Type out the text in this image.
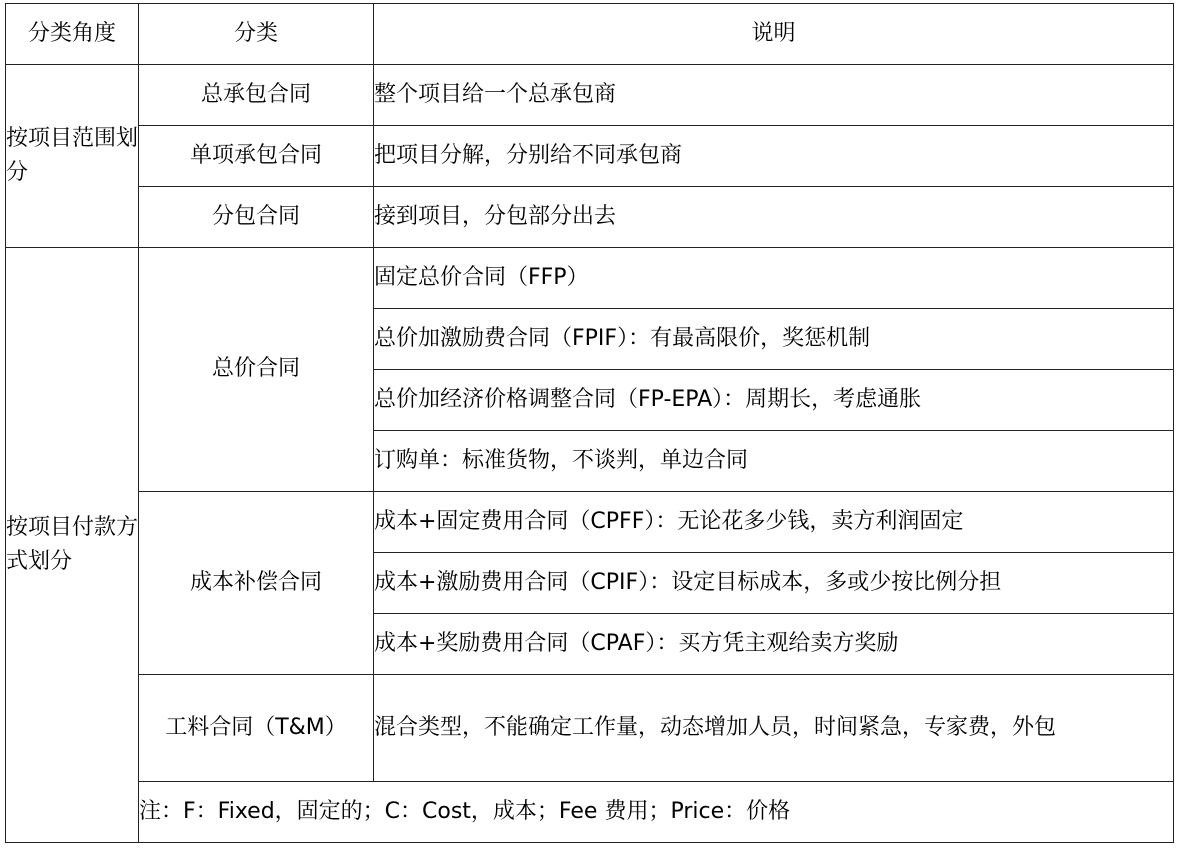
分类角度	分类	说明
按项目范围划分	总承包合同	整个项目给一个总承包商
	单项承包合同	把项目分解，分别给不同承包商
	分包合同	接到项目，分包部分出去
按项目付款方式划分	总价合同	固定总价合同（FFP）
		总价加激励费合同（FPIF）：有最高限价，奖惩机制
		总价加经济价格调整合同（FP-EPA）：周期长，考虑通胀
		订购单：标准货物，不谈判，单边合同
	成本补偿合同	成本+固定费用合同（CPFF）：无论花多少钱，卖方利润固定
		成本+激励费用合同（CPIF）：设定目标成本，多或少按比例分担
		成本+奖励费用合同（CPAF）：买方凭主观给卖方奖励
	工料合同（T&M）	混合类型，不能确定工作量，动态增加人员，时间紧急，专家费，外包
	注：F：Fixed，固定的；C：Cost，成本；Fee 费用；Price：价格	
